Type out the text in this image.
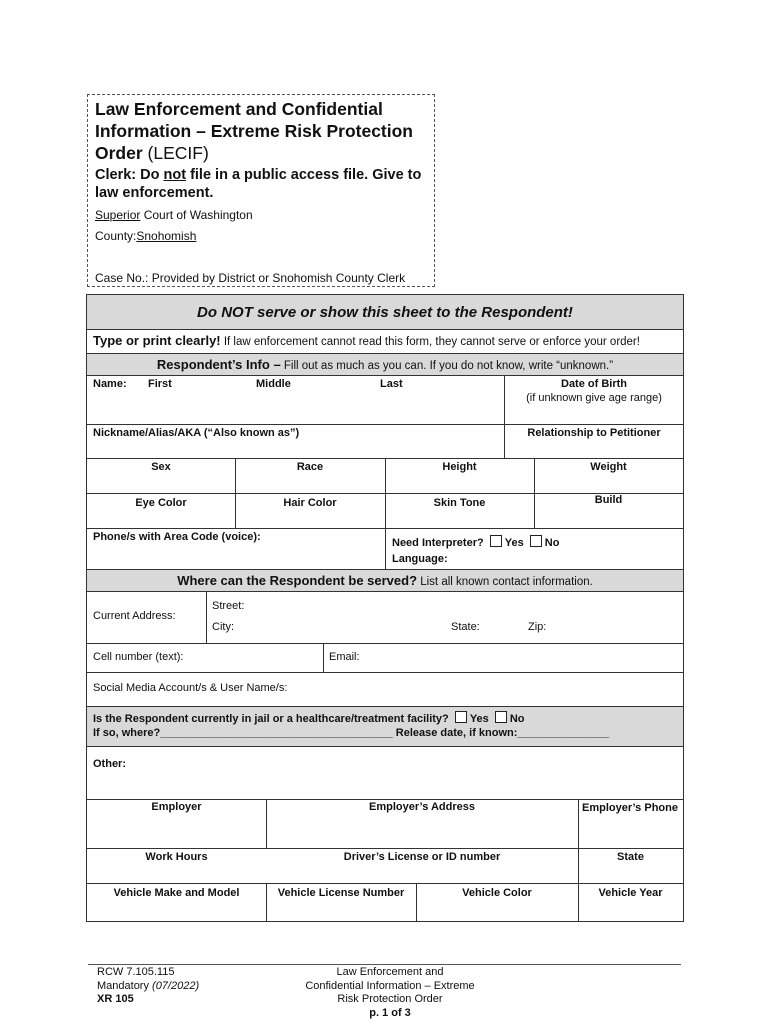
Law Enforcement and Confidential Information – Extreme Risk Protection Order (LECIF)
Clerk: Do not file in a public access file. Give to law enforcement.
Superior Court of Washington
County:Snohomish
Case No.: Provided by District or Snohomish County Clerk
Do NOT serve or show this sheet to the Respondent!
Type or print clearly! If law enforcement cannot read this form, they cannot serve or enforce your order!
Respondent’s Info – Fill out as much as you can. If you do not know, write “unknown.”
Name: First	Middle	Last	Date of Birth
(if unknown give age range)
Nickname/Alias/AKA (“Also known as”)	Relationship to Petitioner
Sex	Race	Height	Weight
Eye Color	Hair Color	Skin Tone	Build
Phone/s with Area Code (voice):	Need Interpreter? Yes No
Language:
Where can the Respondent be served? List all known contact information.
Current Address:
Street:
City:	State:	Zip:
Cell number (text):	Email:
Social Media Account/s & User Name/s:
Is the Respondent currently in jail or a healthcare/treatment facility? Yes No
If so, where?______________________________________ Release date, if known:_______________
Other:
Employer	Employer’s Address	Employer’s Phone
Work Hours	Driver’s License or ID number	State
Vehicle Make and Model	Vehicle License Number	Vehicle Color	Vehicle Year
RCW 7.105.115
Mandatory (07/2022)
XR 105
Law Enforcement and
Confidential Information – Extreme
Risk Protection Order
p. 1 of 3
